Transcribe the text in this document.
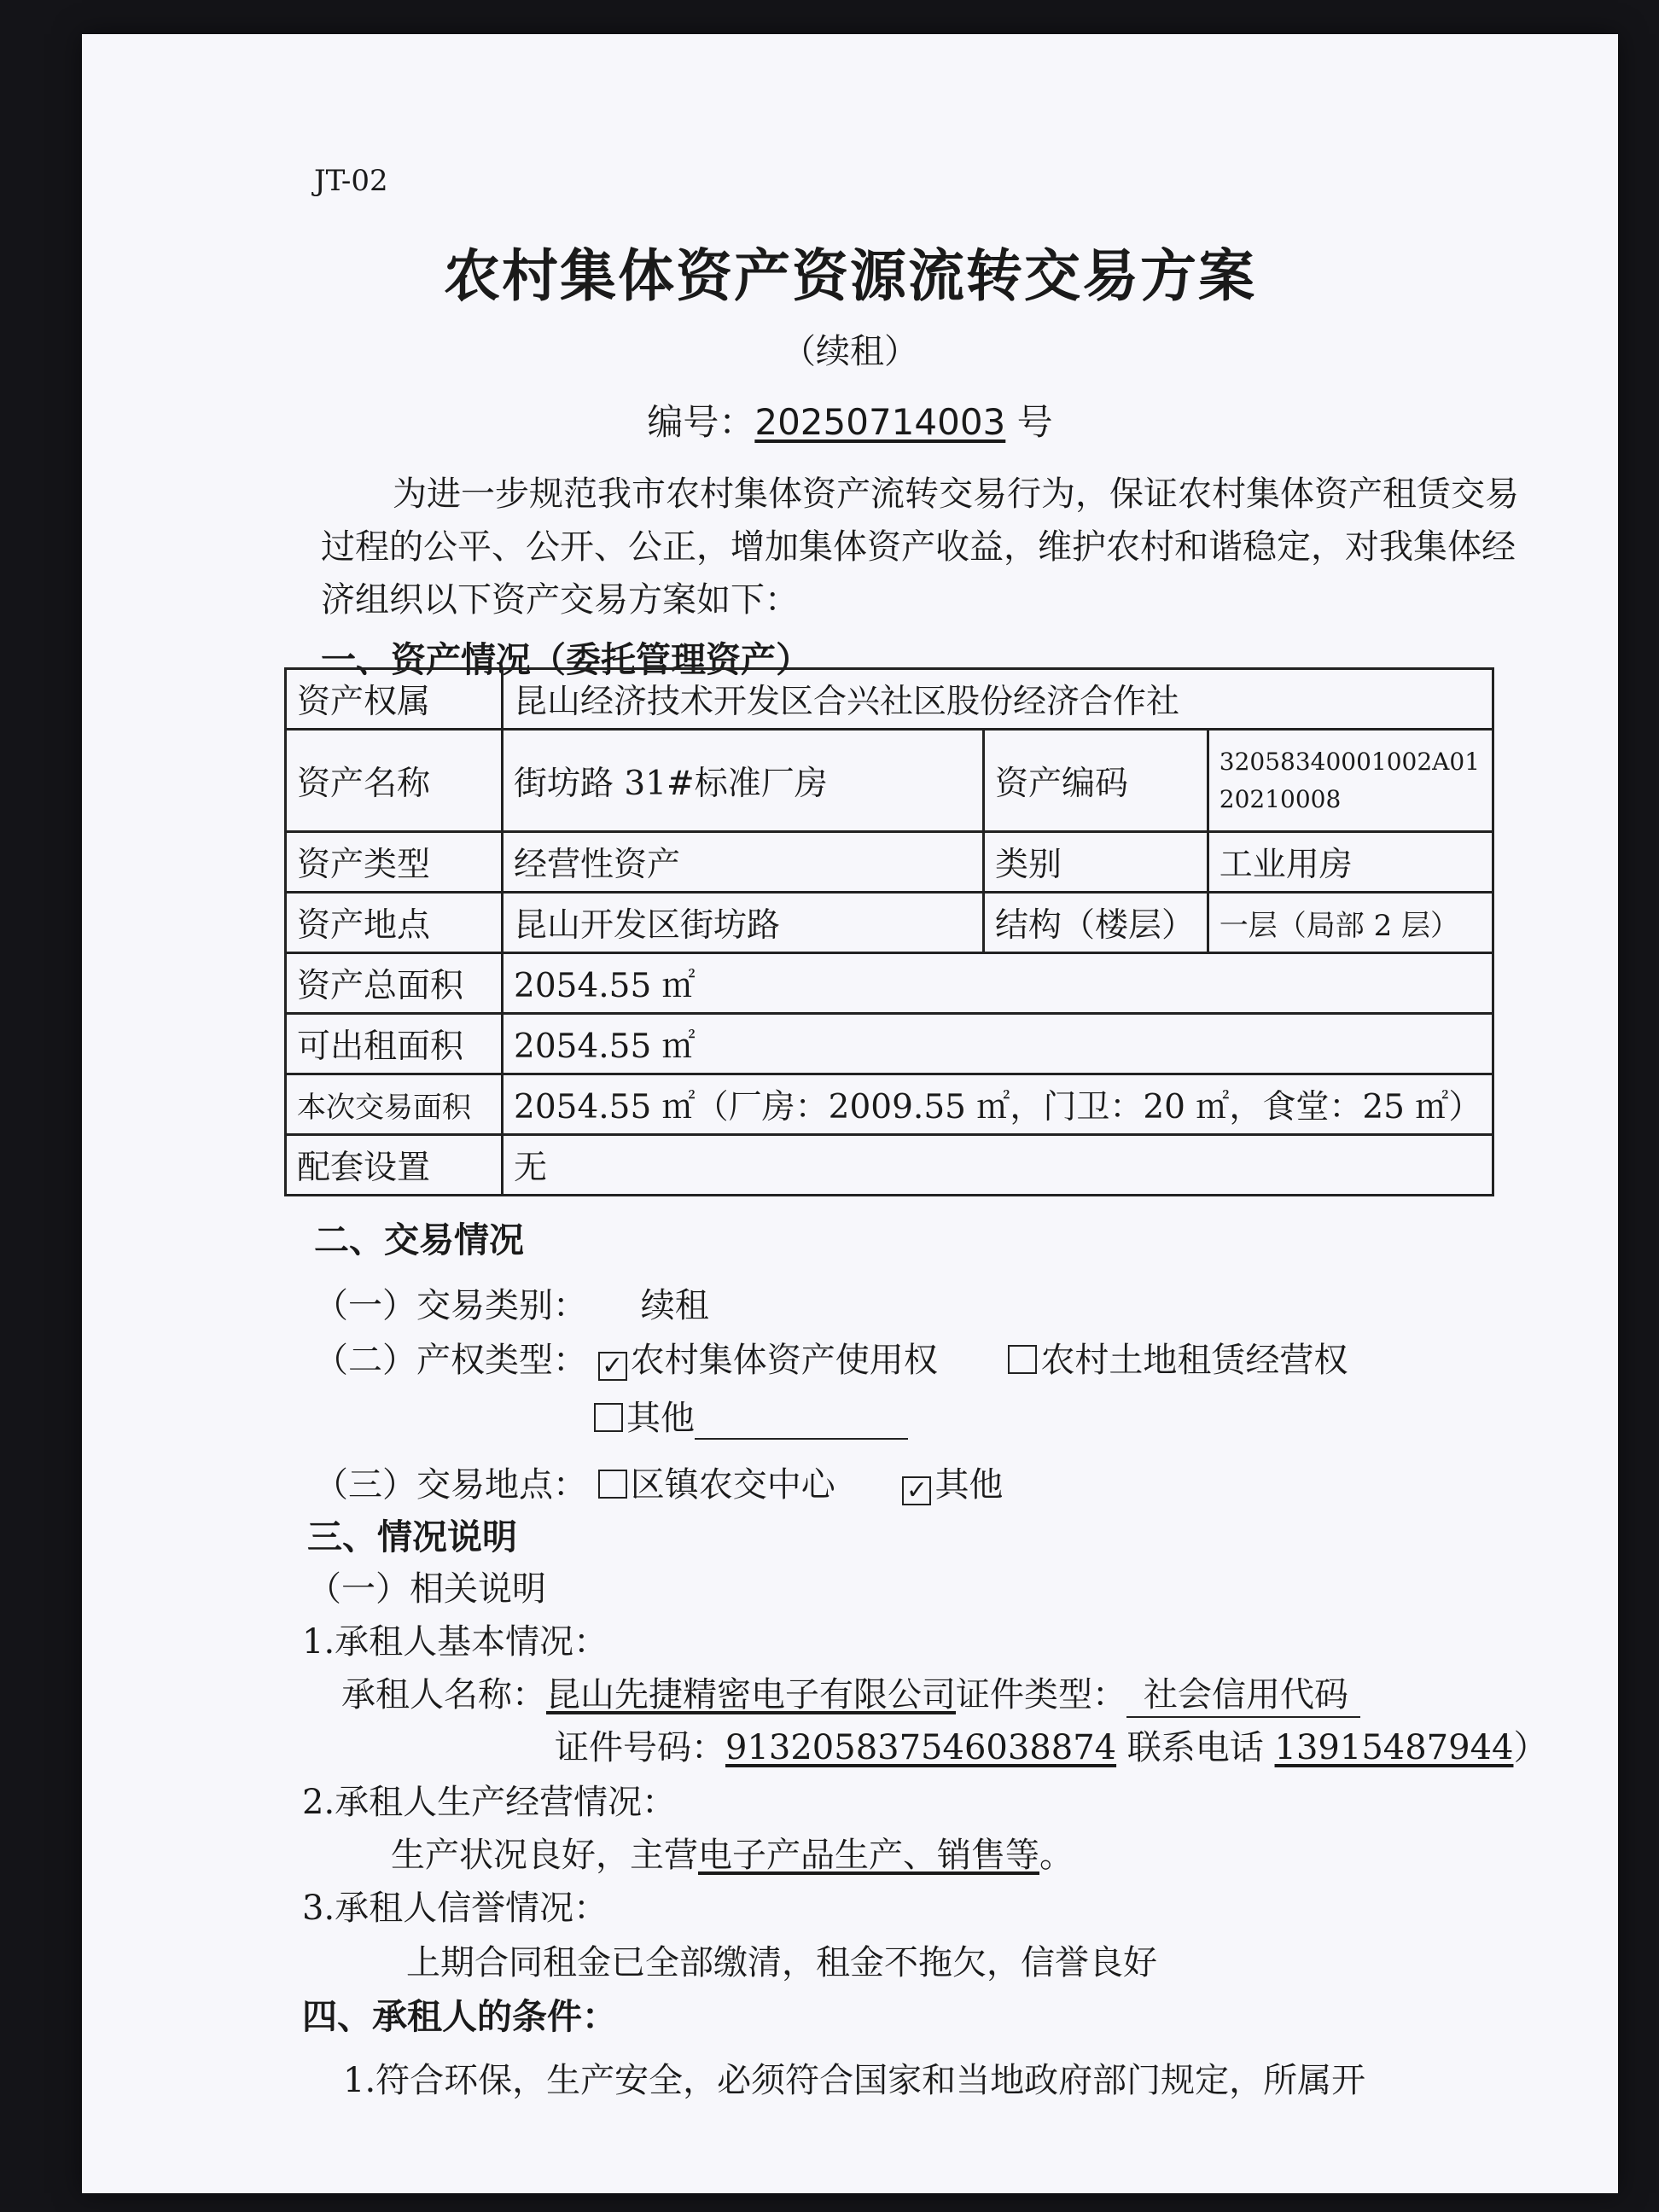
JT-02
农村集体资产资源流转交易方案
（续租）
编号：20250714003 号
为进一步规范我市农村集体资产流转交易行为，保证农村集体资产租赁交易过程的公平、公开、公正，增加集体资产收益，维护农村和谐稳定，对我集体经济组织以下资产交易方案如下：
一、资产情况（委托管理资产）
资产权属	昆山经济技术开发区合兴社区股份经济合作社		
资产名称	街坊路 31#标准厂房	资产编码	32058340001002A01
20210008

资产类型	经营性资产	类别	工业用房
资产地点	昆山开发区街坊路	结构（楼层）	一层（局部 2 层）
资产总面积	2054.55 ㎡		
可出租面积	2054.55 ㎡		
本次交易面积	2054.55 ㎡（厂房：2009.55 ㎡，门卫：20 ㎡，食堂：25 ㎡）		
配套设置	无		
二、交易情况
（一）交易类别： 续租
（二）产权类型： ✓ 农村集体资产使用权	农村土地租赁经营权
其他
（三）交易地点： 区镇农交中心	✓ 其他
三、情况说明
（一）相关说明
1.承租人基本情况：
承租人名称：昆山先捷精密电子有限公司证件类型： 社会信用代码
证件号码：913205837546038874 联系电话 13915487944）
2.承租人生产经营情况：
生产状况良好，主营电子产品生产、销售等。
3.承租人信誉情况：
上期合同租金已全部缴清，租金不拖欠，信誉良好
四、承租人的条件：
1.符合环保，生产安全，必须符合国家和当地政府部门规定，所属开
